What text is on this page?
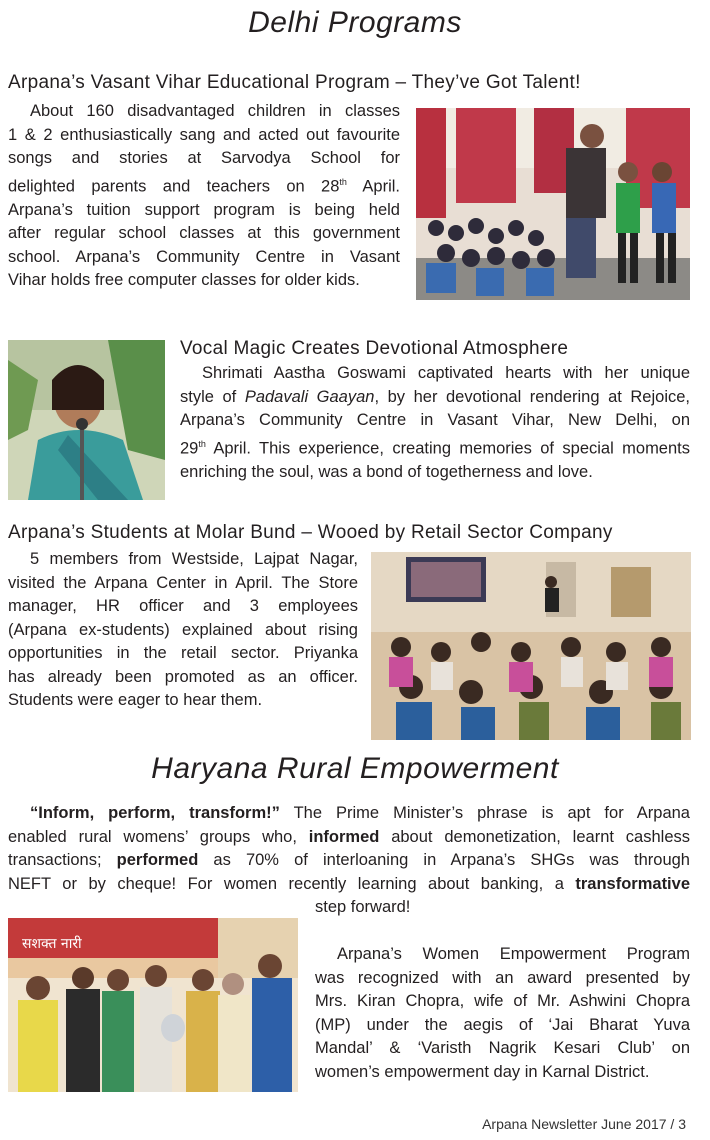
Delhi Programs
Arpana’s Vasant Vihar Educational Program – They’ve Got Talent!
About 160 disadvantaged children in classes
1 & 2 enthusiastically sang and acted out favourite
songs and stories at Sarvodya School for
delighted parents and teachers on 28th April.
Arpana’s tuition support program is being held
after regular school classes at this government
school. Arpana’s Community Centre in Vasant
Vihar holds free computer classes for older kids.
Vocal Magic Creates Devotional Atmosphere
Shrimati Aastha Goswami captivated hearts with her unique
style of Padavali Gaayan, by her devotional rendering at Rejoice,
Arpana’s Community Centre in Vasant Vihar, New Delhi, on
29th April. This experience, creating memories of special moments
enriching the soul, was a bond of togetherness and love.
Arpana’s Students at Molar Bund – Wooed by Retail Sector Company
5 members from Westside, Lajpat Nagar,
visited the Arpana Center in April. The Store
manager, HR officer and 3 employees
(Arpana ex-students) explained about rising
opportunities in the retail sector. Priyanka
has already been promoted as an officer.
Students were eager to hear them.
Haryana Rural Empowerment
“Inform, perform, transform!” The Prime Minister’s phrase is apt for Arpana
enabled rural womens’ groups who, informed about demonetization, learnt cashless
transactions; performed as 70% of interloaning in Arpana’s SHGs was through
NEFT or by cheque! For women recently learning about banking, a transformative
step forward!
सशक्त नारी
Arpana’s Women Empowerment Program
was recognized with an award presented by
Mrs. Kiran Chopra, wife of Mr. Ashwini Chopra
(MP) under the aegis of ‘Jai Bharat Yuva
Mandal’ & ‘Varisth Nagrik Kesari Club’ on
women’s empowerment day in Karnal District.
Arpana Newsletter June 2017 / 3
